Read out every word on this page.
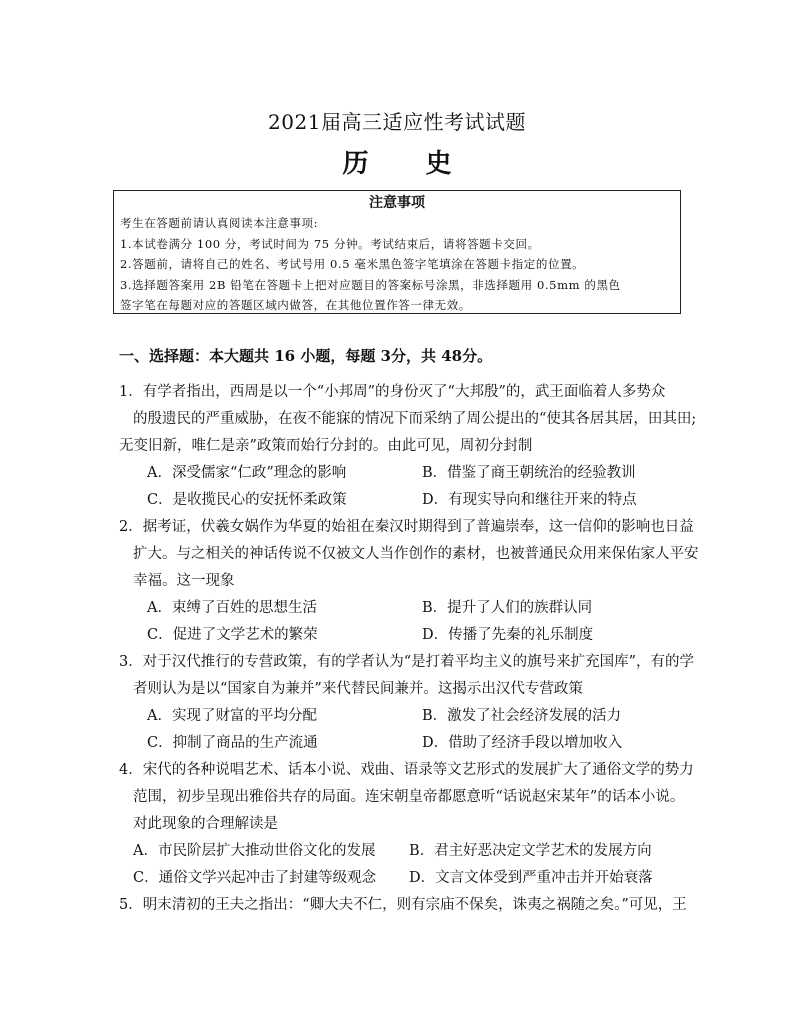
2021届高三适应性考试试题
历 史
注意事项
考生在答题前请认真阅读本注意事项:
1.本试卷满分 100 分，考试时间为 75 分钟。考试结束后，请将答题卡交回。
2.答题前，请将自己的姓名、考试号用 0.5 毫米黑色签字笔填涂在答题卡指定的位置。
3.选择题答案用 2B 铅笔在答题卡上把对应题目的答案标号涂黑，非选择题用 0.5mm 的黑色
签字笔在每题对应的答题区域内做答，在其他位置作答一律无效。
一、选择题：本大题共 16 小题，每题 3分，共 48分。
1．有学者指出，西周是以一个“小邦周”的身份灭了“大邦殷”的，武王面临着人多势众
的殷遗民的严重威胁，在夜不能寐的情况下而采纳了周公提出的“使其各居其居，田其田;
无变旧新，唯仁是亲”政策而始行分封的。由此可见，周初分封制
A．深受儒家“仁政”理念的影响	B．借鉴了商王朝统治的经验教训
C．是收揽民心的安抚怀柔政策	D．有现实导向和继往开来的特点
2．据考证，伏羲女娲作为华夏的始祖在秦汉时期得到了普遍崇奉，这一信仰的影响也日益
扩大。与之相关的神话传说不仅被文人当作创作的素材，也被普通民众用来保佑家人平安
幸福。这一现象
A．束缚了百姓的思想生活	B．提升了人们的族群认同
C．促进了文学艺术的繁荣	D．传播了先秦的礼乐制度
3．对于汉代推行的专营政策，有的学者认为“是打着平均主义的旗号来扩充国库”，有的学
者则认为是以“国家自为兼并”来代替民间兼并。这揭示出汉代专营政策
A．实现了财富的平均分配	B．激发了社会经济发展的活力
C．抑制了商品的生产流通	D．借助了经济手段以增加收入
4．宋代的各种说唱艺术、话本小说、戏曲、语录等文艺形式的发展扩大了通俗文学的势力
范围，初步呈现出雅俗共存的局面。连宋朝皇帝都愿意听“话说赵宋某年”的话本小说。
对此现象的合理解读是
A．市民阶层扩大推动世俗文化的发展 B．君主好恶决定文学艺术的发展方向
C．通俗文学兴起冲击了封建等级观念 D．文言文体受到严重冲击并开始衰落
5．明末清初的王夫之指出：“卿大夫不仁，则有宗庙不保矣，诛夷之祸随之矣。”可见，王
